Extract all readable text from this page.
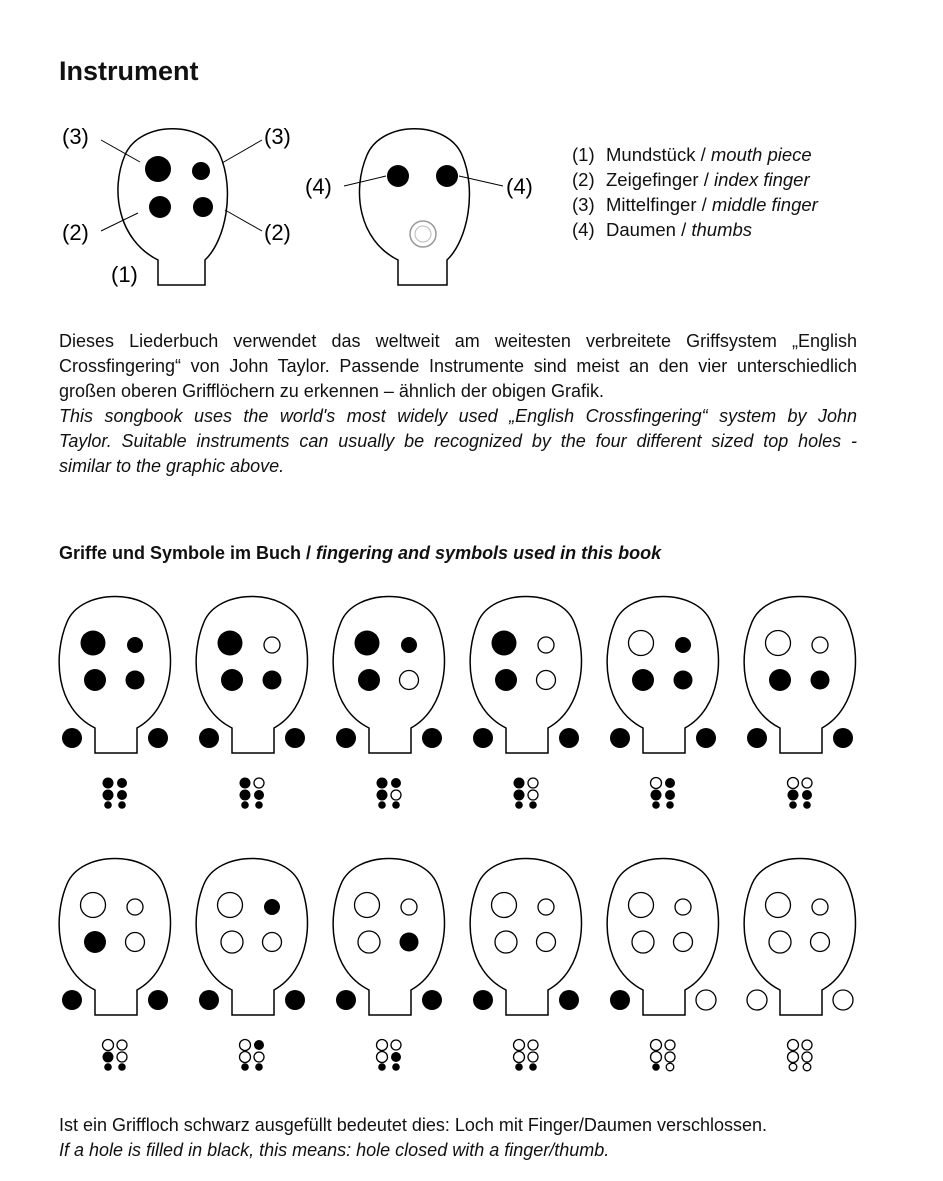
Instrument
(3)	(3)
(2)	(2)
(1)
(4)	(4)
(1) Mundstück / mouth piece
(2) Zeigefinger / index finger
(3) Mittelfinger / middle finger
(4) Daumen / thumbs
Dieses Liederbuch verwendet das weltweit am weitesten verbreitete Griffsystem „English
Crossfingering“ von John Taylor. Passende Instrumente sind meist an den vier unterschiedlich
großen oberen Grifflöchern zu erkennen – ähnlich der obigen Grafik.
This songbook uses the world's most widely used „English Crossfingering“ system by John
Taylor. Suitable instruments can usually be recognized by the four different sized top holes -
similar to the graphic above.
Griffe und Symbole im Buch / fingering and symbols used in this book
Ist ein Griffloch schwarz ausgefüllt bedeutet dies: Loch mit Finger/Daumen verschlossen.
If a hole is filled in black, this means: hole closed with a finger/thumb.
